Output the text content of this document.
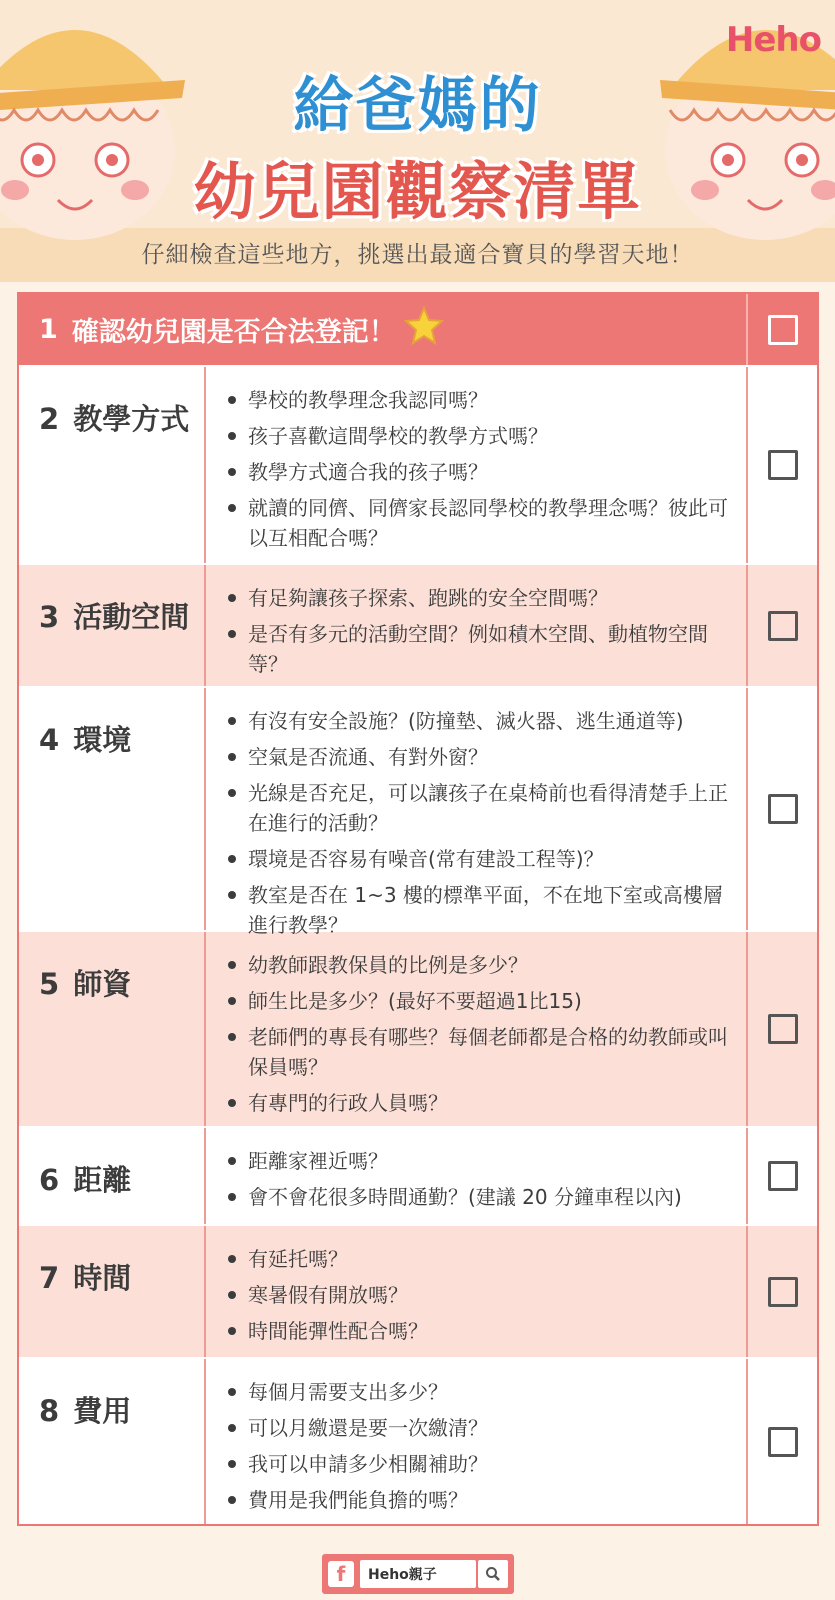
Heho
給爸媽的
幼兒園觀察清單
仔細檢查這些地方，挑選出最適合寶貝的學習天地！
1 確認幼兒園是否合法登記！
2 教學方式
學校的教學理念我認同嗎？
孩子喜歡這間學校的教學方式嗎？
教學方式適合我的孩子嗎？
就讀的同儕、同儕家長認同學校的教學理念嗎？彼此可以互相配合嗎？
3 活動空間
有足夠讓孩子探索、跑跳的安全空間嗎？
是否有多元的活動空間？例如積木空間、動植物空間等？
4 環境
有沒有安全設施？(防撞墊、滅火器、逃生通道等)
空氣是否流通、有對外窗？
光線是否充足，可以讓孩子在桌椅前也看得清楚手上正在進行的活動？
環境是否容易有噪音(常有建設工程等)？
教室是否在 1~3 樓的標準平面，不在地下室或高樓層進行教學？
5 師資
幼教師跟教保員的比例是多少？
師生比是多少？(最好不要超過1比15)
老師們的專長有哪些？每個老師都是合格的幼教師或叫保員嗎？
有專門的行政人員嗎？
6 距離
距離家裡近嗎？
會不會花很多時間通勤？(建議 20 分鐘車程以內)
7 時間
有延托嗎？
寒暑假有開放嗎？
時間能彈性配合嗎？
8 費用
每個月需要支出多少？
可以月繳還是要一次繳清？
我可以申請多少相關補助？
費用是我們能負擔的嗎？
f	Heho親子
